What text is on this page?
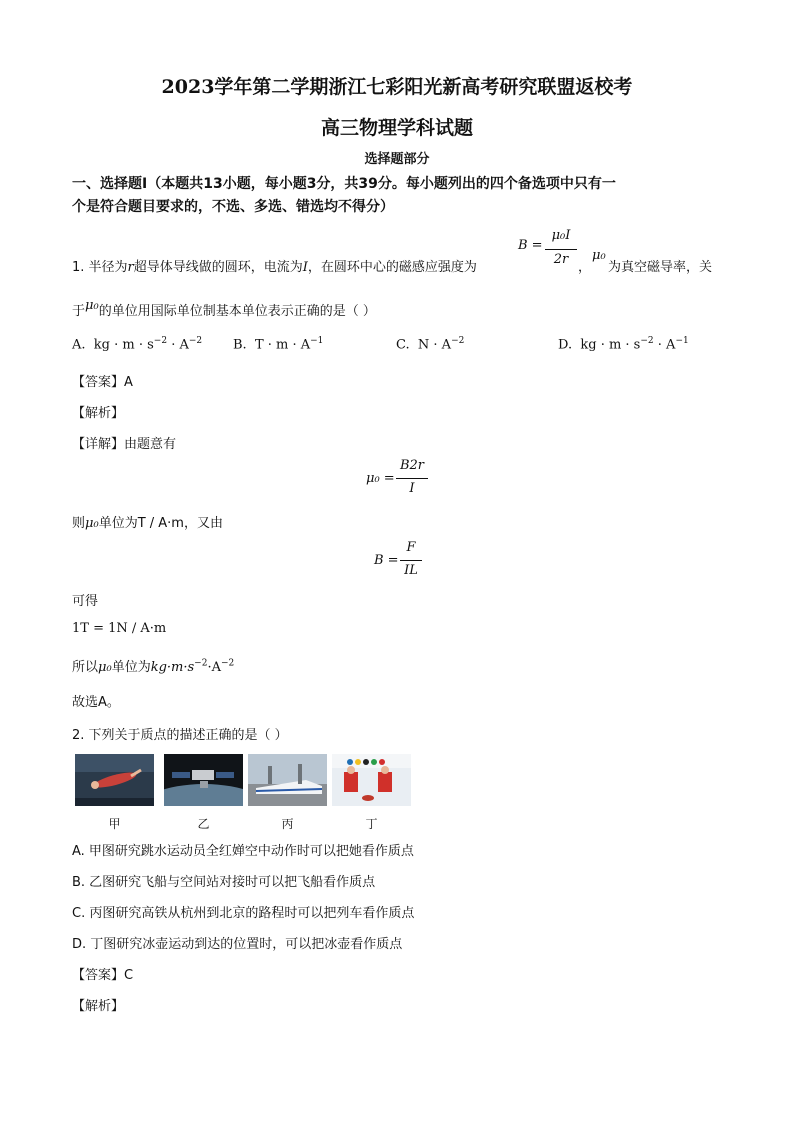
2023学年第二学期浙江七彩阳光新高考研究联盟返校考
高三物理学科试题
选择题部分
一、选择题Ⅰ（本题共13小题，每小题3分，共39分。每小题列出的四个备选项中只有一
个是符合题目要求的，不选、多选、错选均不得分）
1. 半径为r超导体导线做的圆环，电流为I，在圆环中心的磁感应强度为
B =
μ₀I
2r
，
μ₀
为真空磁导率，关
于μ₀的单位用国际单位制基本单位表示正确的是（ ）
A. kg · $m \cdot s^{-2} \cdot A^{-2}$ B. $T \cdot m \cdot A^{-1}$	C. $N \cdot A^{-2}$	D. kg · $m \cdot s^{-2} \cdot A^{-1}$
【答案】A
【解析】
【详解】由题意有
μ₀ =
B2r
I
则μ₀单位为T / A·m，又由
B =
F
IL
可得
1T = 1N / A·m
所以μ₀单位为$kg\cdot m\cdot s^{-2}\cdot A^{-2}$
故选A。
2. 下列关于质点的描述正确的是（ ）
甲	乙	丙	丁
A. 甲图研究跳水运动员全红婵空中动作时可以把她看作质点
B. 乙图研究飞船与空间站对接时可以把飞船看作质点
C. 丙图研究高铁从杭州到北京的路程时可以把列车看作质点
D. 丁图研究冰壶运动到达的位置时，可以把冰壶看作质点
【答案】C
【解析】
